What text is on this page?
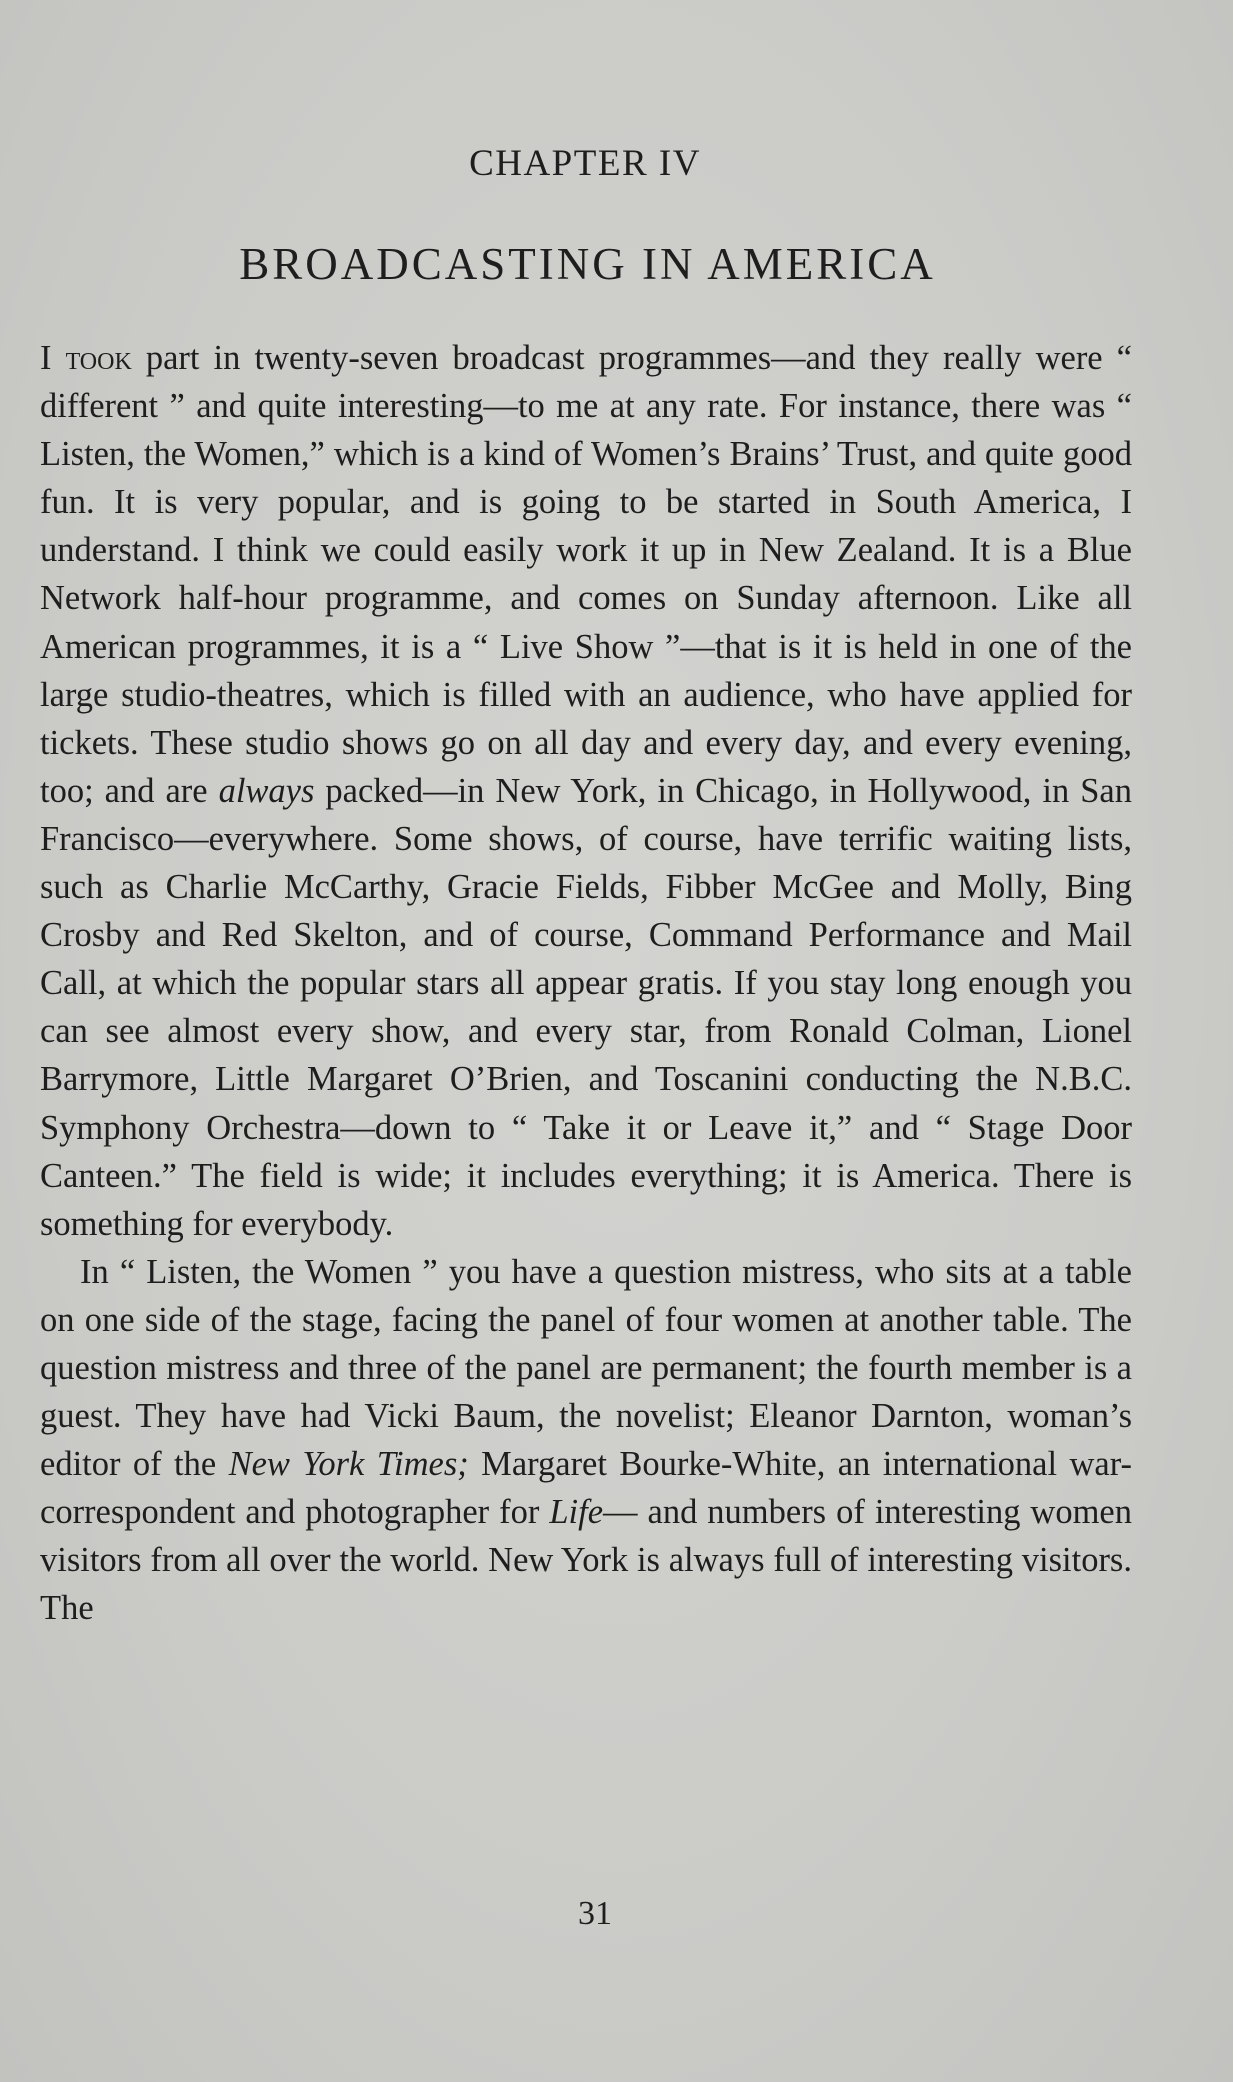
CHAPTER IV
BROADCASTING IN AMERICA

I took part in twenty-seven broadcast programmes—and they really were “ different ” and quite interesting—to me at any rate. For instance, there was “ Listen, the Women,” which is a kind of Women’s Brains’ Trust, and quite good fun. It is very popular, and is going to be started in South America, I understand. I think we could easily work it up in New Zealand. It is a Blue Network half-hour programme, and comes on Sunday afternoon. Like all American programmes, it is a “ Live Show ”—that is it is held in one of the large studio-theatres, which is filled with an audience, who have applied for tickets. These studio shows go on all day and every day, and every evening, too; and are always packed—in New York, in Chicago, in Hollywood, in San Francisco—everywhere. Some shows, of course, have terrific waiting lists, such as Charlie McCarthy, Gracie Fields, Fibber McGee and Molly, Bing Crosby and Red Skelton, and of course, Command Performance and Mail Call, at which the popular stars all appear gratis. If you stay long enough you can see almost every show, and every star, from Ronald Colman, Lionel Barrymore, Little Margaret O’Brien, and Toscanini conducting the N.B.C. Symphony Orchestra—down to “ Take it or Leave it,” and “ Stage Door Canteen.” The field is wide; it includes everything; it is America. There is something for everybody.

In “ Listen, the Women ” you have a question mistress, who sits at a table on one side of the stage, facing the panel of four women at another table. The question mistress and three of the panel are permanent; the fourth member is a guest. They have had Vicki Baum, the novelist; Eleanor Darnton, woman’s editor of the New York Times; Margaret Bourke-White, an international war-correspondent and photographer for Life— and numbers of interesting women visitors from all over the world. New York is always full of interesting visitors. The

31
